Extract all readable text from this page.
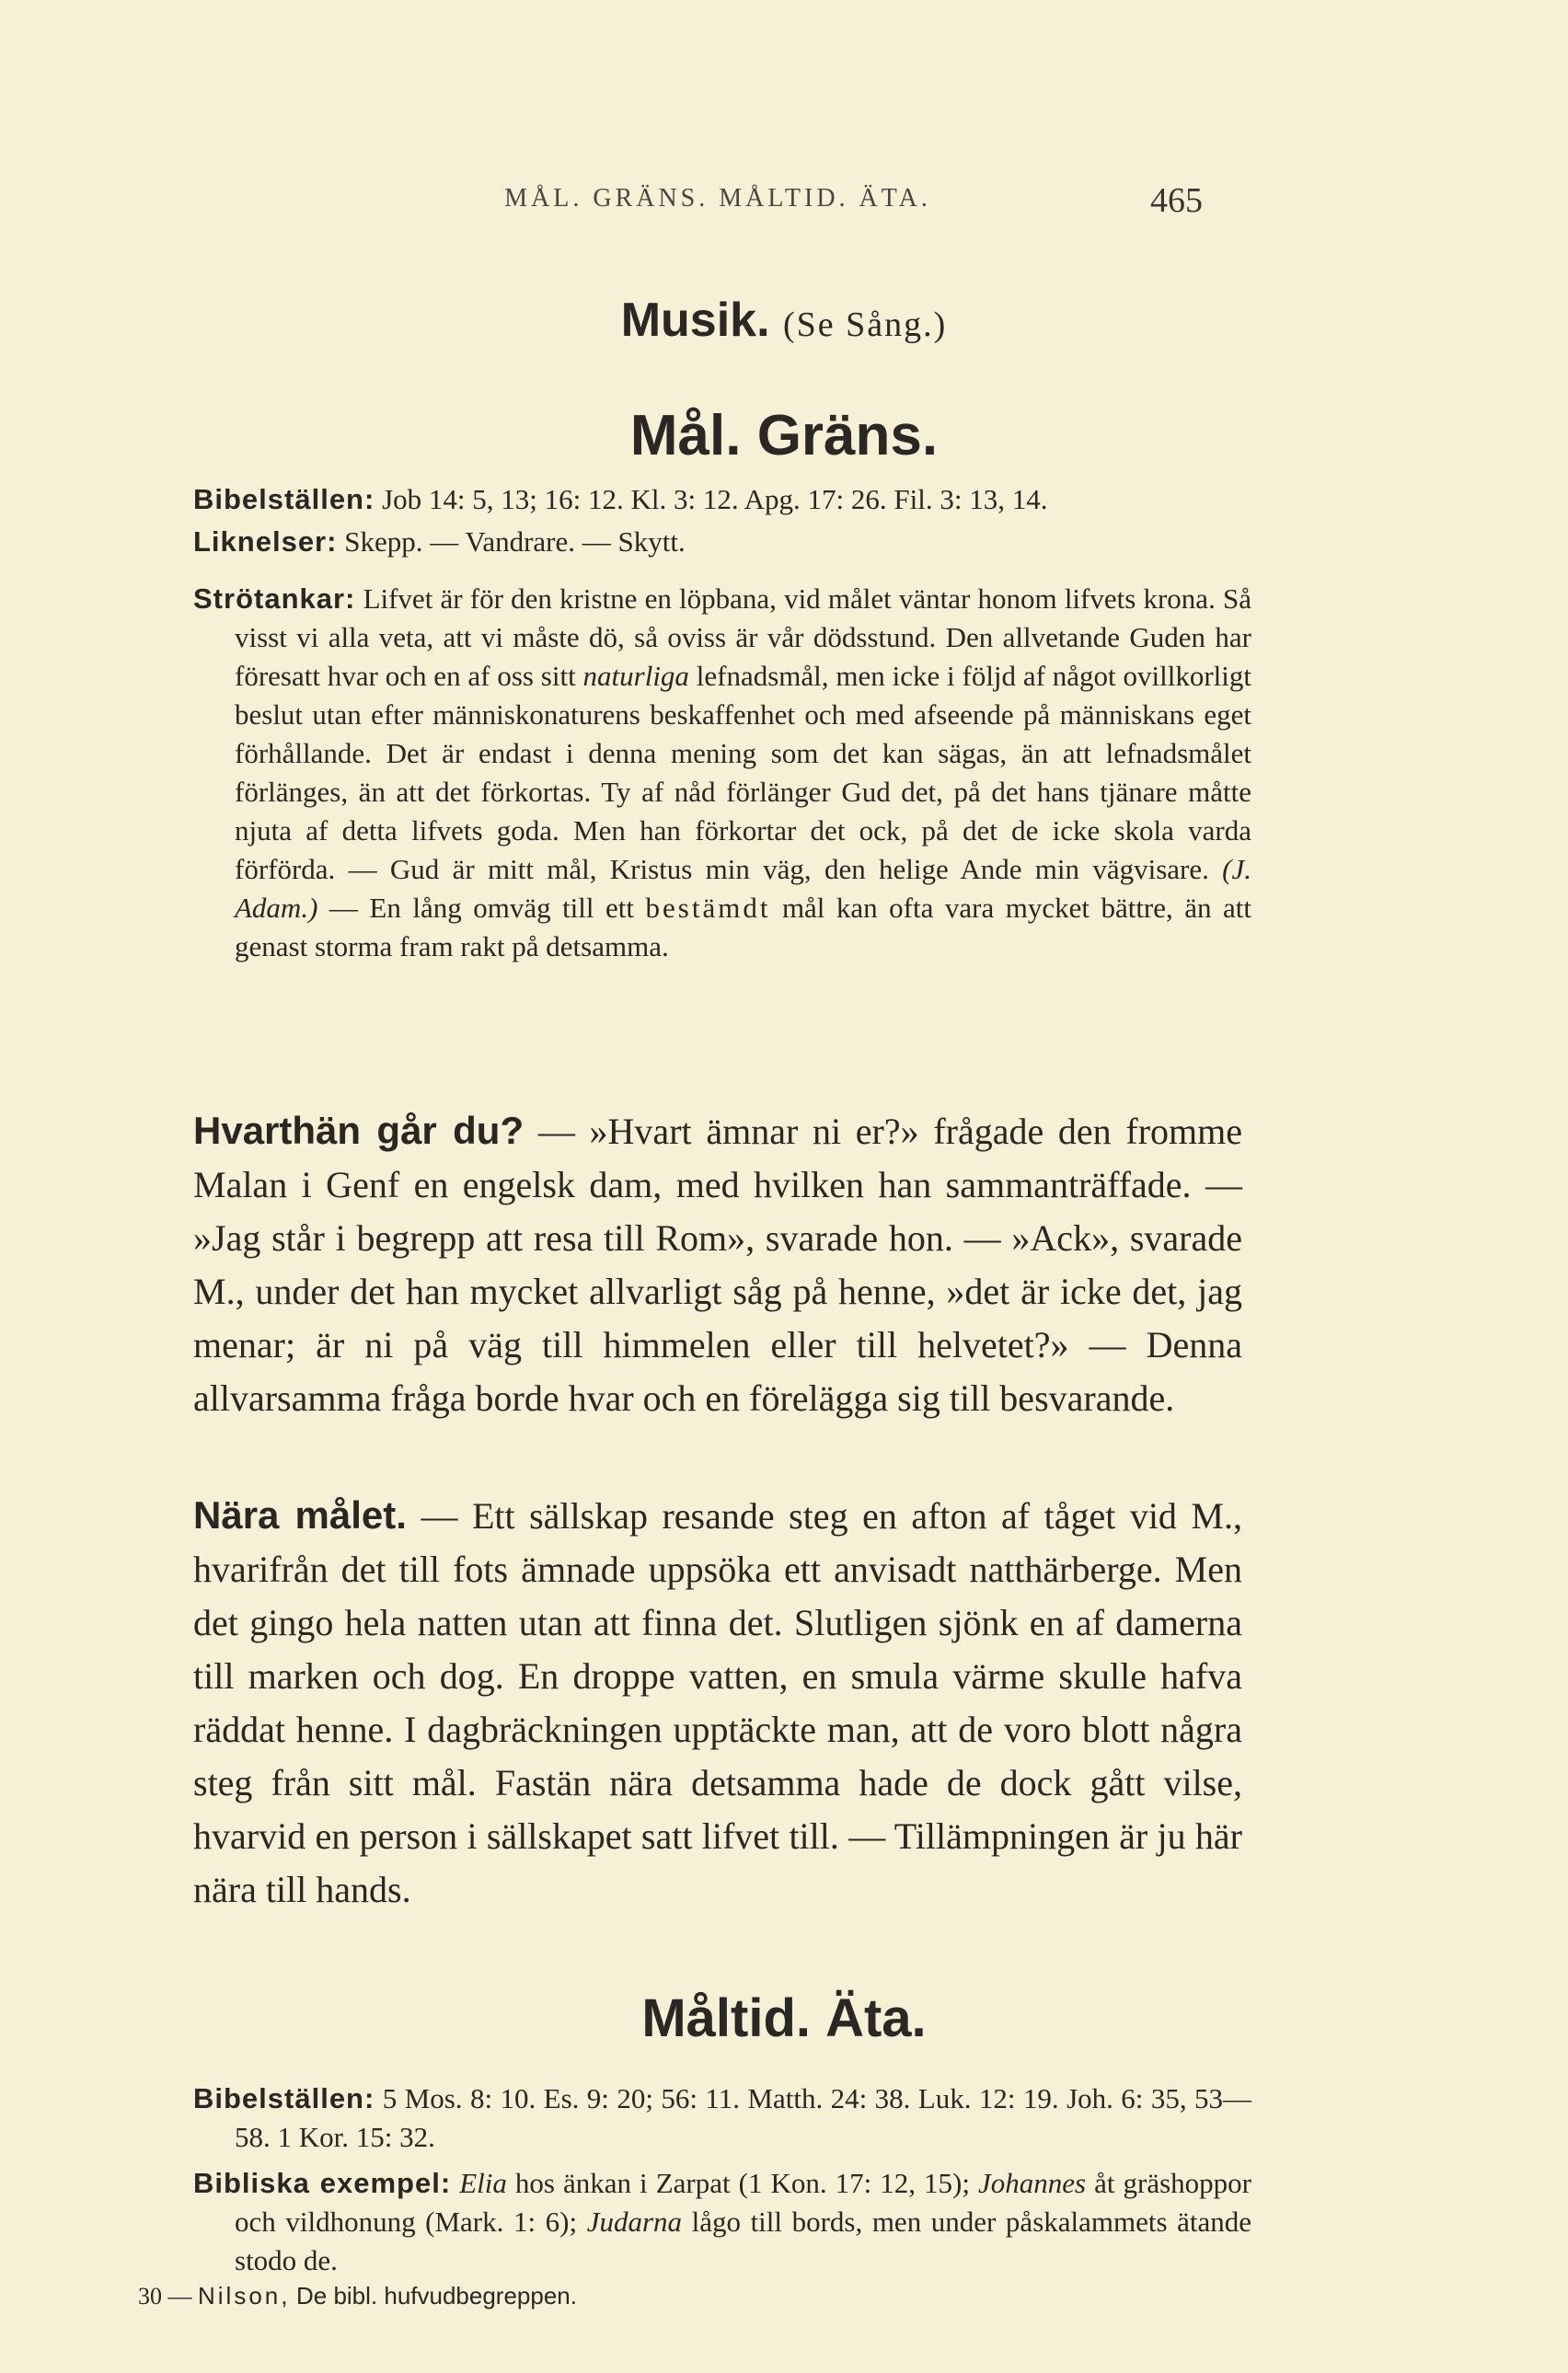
MÅL. GRÄNS. MÅLTID. ÄTA.	465
Musik. (Se Sång.)
Mål. Gräns.

Bibelställen: Job 14: 5, 13; 16: 12. Kl. 3: 12. Apg. 17: 26. Fil. 3: 13, 14.

Liknelser: Skepp. — Vandrare. — Skytt.

Strötankar: Lifvet är för den kristne en löpbana, vid målet väntar honom lifvets krona. Så visst vi alla veta, att vi måste dö, så oviss är vår dödsstund. Den allvetande Guden har föresatt hvar och en af oss sitt naturliga lefnadsmål, men icke i följd af något ovillkorligt beslut utan efter människonaturens beskaffenhet och med afseende på människans eget förhållande. Det är endast i denna mening som det kan sägas, än att lefnadsmålet förlänges, än att det förkortas. Ty af nåd förlänger Gud det, på det hans tjänare måtte njuta af detta lifvets goda. Men han förkortar det ock, på det de icke skola varda förförda. — Gud är mitt mål, Kristus min väg, den helige Ande min vägvisare. (J. Adam.) — En lång omväg till ett bestämdt mål kan ofta vara mycket bättre, än att genast storma fram rakt på detsamma.

Hvarthän går du? — »Hvart ämnar ni er?» frågade den fromme Malan i Genf en engelsk dam, med hvilken han sammanträffade. — »Jag står i begrepp att resa till Rom», svarade hon. — »Ack», svarade M., under det han mycket allvarligt såg på henne, »det är icke det, jag menar; är ni på väg till himmelen eller till helvetet?» — Denna allvarsamma fråga borde hvar och en förelägga sig till besvarande.

Nära målet. — Ett sällskap resande steg en afton af tåget vid M., hvarifrån det till fots ämnade uppsöka ett anvisadt natthärberge. Men det gingo hela natten utan att finna det. Slutligen sjönk en af damerna till marken och dog. En droppe vatten, en smula värme skulle hafva räddat henne. I dagbräckningen upptäckte man, att de voro blott några steg från sitt mål. Fastän nära detsamma hade de dock gått vilse, hvarvid en person i sällskapet satt lifvet till. — Tillämpningen är ju här nära till hands.

Måltid. Äta.

Bibelställen: 5 Mos. 8: 10. Es. 9: 20; 56: 11. Matth. 24: 38. Luk. 12: 19. Joh. 6: 35, 53—58. 1 Kor. 15: 32.

Bibliska exempel: Elia hos änkan i Zarpat (1 Kon. 17: 12, 15); Johannes åt gräshoppor och vildhonung (Mark. 1: 6); Judarna lågo till bords, men under påskalammets ätande stodo de.

30 — Nilson, De bibl. hufvudbegreppen.
